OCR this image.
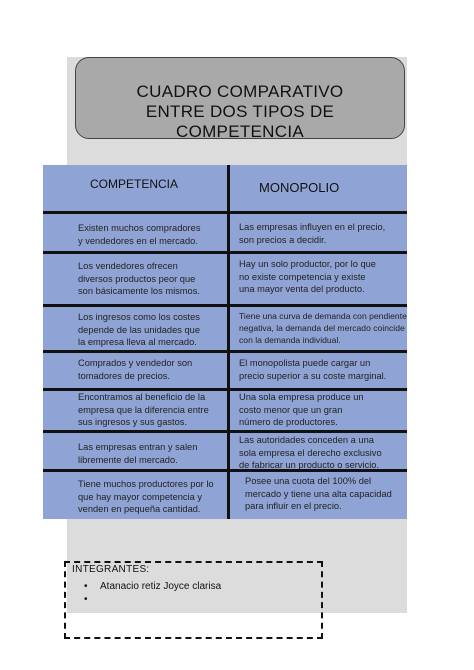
CUADRO COMPARATIVO
ENTRE DOS TIPOS DE
COMPETENCIA
COMPETENCIA	MONOPOLIO
Existen muchos compradores
y vendedores en el mercado.
Las empresas influyen en el precio,
son precios a decidir.
Los vendedores ofrecen
diversos productos peor que
son básicamente los mismos.
Hay un solo productor, por lo que
no existe competencia y existe
una mayor venta del producto.
Los ingresos como los costes
depende de las unidades que
la empresa lleva al mercado.
Tiene una curva de demanda con pendiente
negativa, la demanda del mercado coincide
con la demanda individual.
Comprados y vendedor son
tomadores de precios.
El monopolista puede cargar un
precio superior a su coste marginal.
Encontramos al beneficio de la
empresa que la diferencia entre
sus ingresos y sus gastos.
Una sola empresa produce un
costo menor que un gran
número de productores.
Las empresas entran y salen
libremente del mercado.
Las autoridades conceden a una
sola empresa el derecho exclusivo
de fabricar un producto o servicio.
Tiene muchos productores por lo
que hay mayor competencia y
venden en pequeña cantidad.
Posee una cuota del 100% del
mercado y tiene una alta capacidad
para influir en el precio.
INTEGRANTES:
• Atanacio retiz Joyce clarisa
